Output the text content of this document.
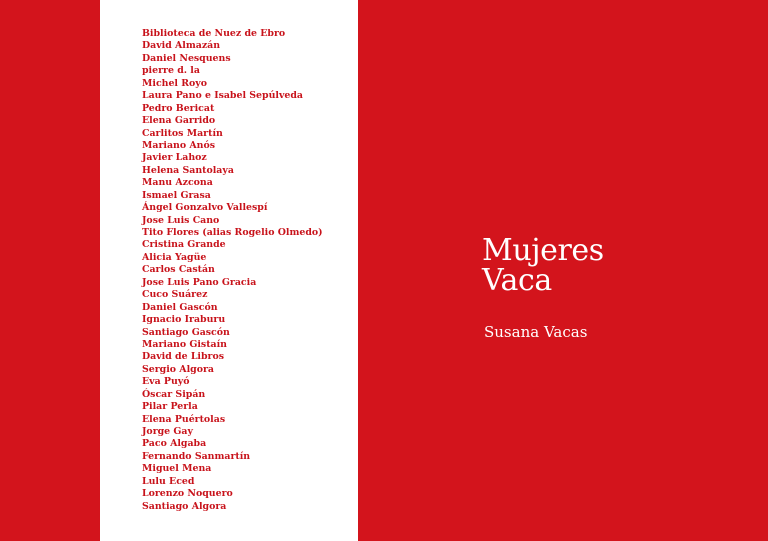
Biblioteca de Nuez de Ebro
David Almazán
Daniel Nesquens
pierre d. la
Michel Royo
Laura Pano e Isabel Sepúlveda
Pedro Bericat
Elena Garrido
Carlitos Martín
Mariano Anós
Javier Lahoz
Helena Santolaya
Manu Azcona
Ismael Grasa
Ángel Gonzalvo Vallespí
Jose Luis Cano
Tito Flores (alias Rogelio Olmedo)
Cristina Grande
Alicia Yagüe
Carlos Castán
Jose Luis Pano Gracia
Cuco Suárez
Daniel Gascón
Ignacio Iraburu
Santiago Gascón
Mariano Gistaín
David de Libros
Sergio Algora
Eva Puyó
Óscar Sipán
Pilar Perla
Elena Puértolas
Jorge Gay
Paco Algaba
Fernando Sanmartín
Miguel Mena
Lulu Eced
Lorenzo Noquero
Santiago Algora
Mujeres
Vaca
Susana Vacas
